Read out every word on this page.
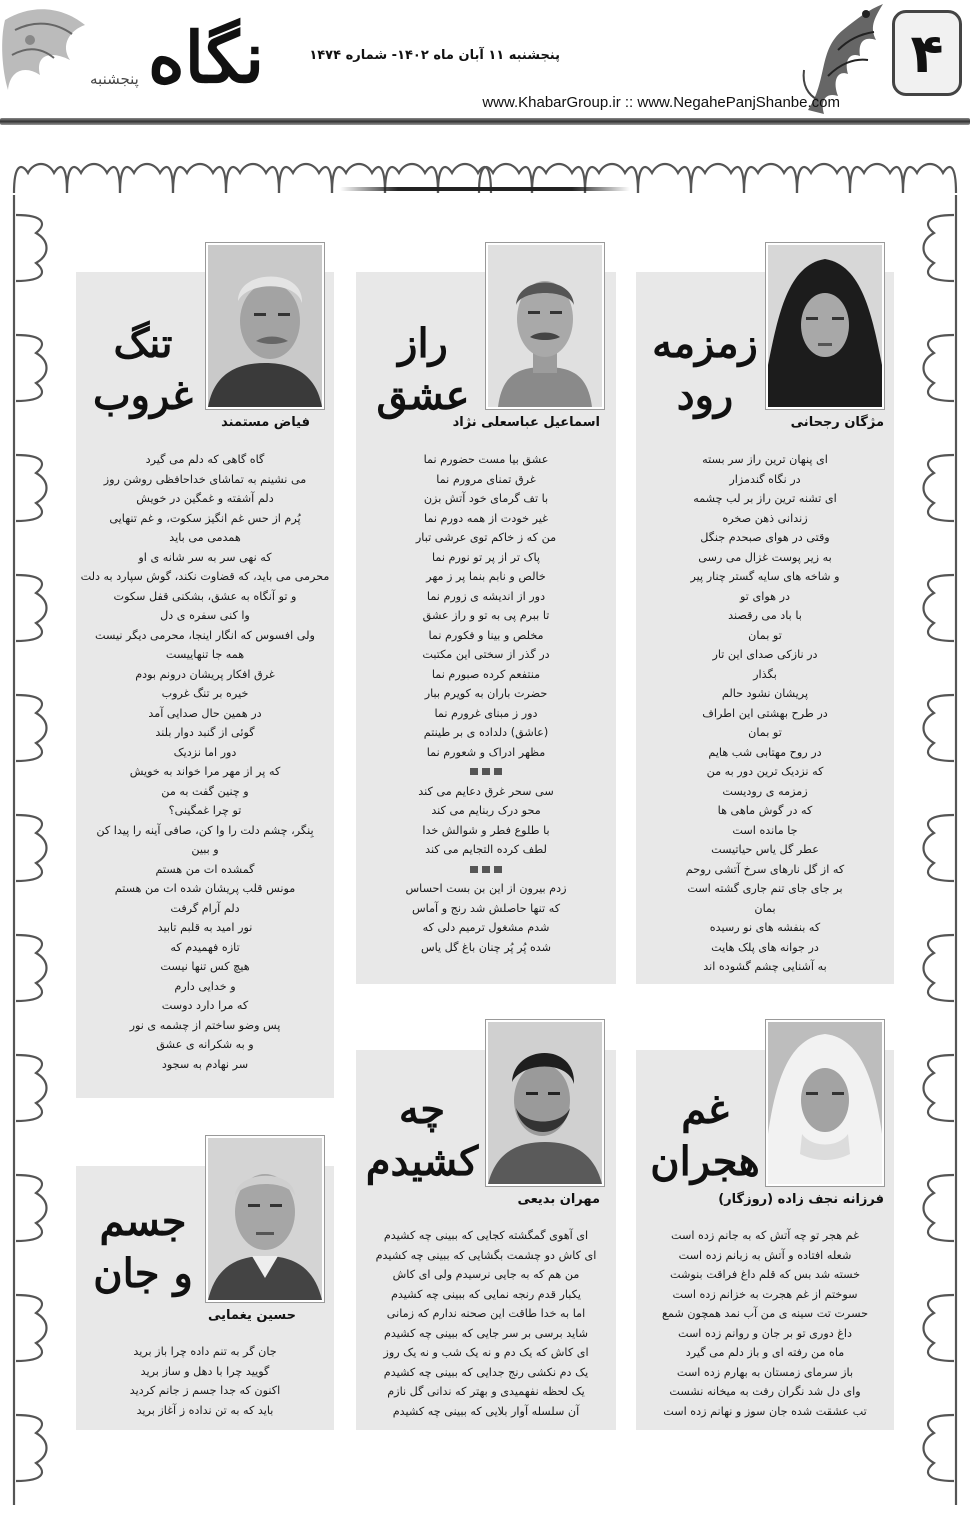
۴
نگاه
پنجشنبه
پنجشنبه ۱۱ آبان ماه ۱۴۰۲- شماره ۱۴۷۴
www.KhabarGroup.ir :: www.NegahePanjShanbe.com
زمزمه
رود
مژگان رجحانی
ای پنهان ترین راز سر بسته
در نگاه گندمزار
ای تشنه ترین راز بر لب چشمه
زندانی ذهن صخره
وقتی در هوای صبحدم جنگل
به زیر پوست غزال می رسی
و شاخه های سایه گستر چنار پیر
در هوای تو
با باد می رقصند
تو بمان
در نازکی صدای این تار
بگذار
پریشان نشود حالم
در طرح بهشتی این اطراف
تو بمان
در روح مهتابی شب هایم
که نزدیک ترین دور به من
زمزمه ی رودیست
که در گوش ماهی ها
جا مانده است
عطر گل یاس حیاتیست
که از گل نارهای سرخ آتشی روحم
بر جای جای تنم جاری گشته است
بمان
که بنفشه های نو رسیده
در جوانه های پلک هایت
به آشنایی چشم گشوده اند
راز
عشق
اسماعیل عباسعلی نژاد
عشق بیا مست حضورم نما
غرق تمنای مرورم نما
با تف گرمای خود آتش بزن
غیر خودت از همه دورم نما
من که ز خاکم توی عرشی تبار
پاک تر از پر تو نورم نما
خالص و نابم بنما پر ز مهر
دور از اندیشه ی زورم نما
تا ببرم پی به تو و راز عشق
مخلص و بینا و فکورم نما
در گذر از سختی این مکتبت
منتفعم کرده صبورم نما
حضرت باران به کویرم ببار
دور ز مبنای غرورم نما
(عاشق) دلداده ی بر طینتم
مظهر ادراک و شعورم نما
سی سحر غرق دعایم می کند
محو درک ربنایم می کند
با طلوع فطر و شوالش خدا
لطف کرده التجایم می کند
زدم بیرون از این بن بست احساس
که تنها حاصلش شد رنج و آماس
شدم مشغول ترمیم دلی که
شده پُر پُر چنان باغ گل یاس
تنگ
غروب
فیاض مستمند
گاه گاهی که دلم می گیرد
می نشینم به تماشای خداحافظی روشن روز
دلم آشفته و غمگین در خویش
پُرم از حس غم انگیز سکوت، و غم تنهایی
همدمی می باید
که نهی سر به سر شانه ی او
محرمی می باید، که قضاوت نکند، گوش سپارد به دلت
و تو آنگاه به عشق، بشکنی قفل سکوت
وا کنی سفره ی دل
ولی افسوس که انگار اینجا، محرمی دیگر نیست
همه جا تنهاییست
غرق افکار پریشان درونم بودم
خیره بر تنگ غروب
در همین حال صدایی آمد
گوئی از گنبد دوار بلند
دور اما نزدیک
که پر از مهر مرا خواند به خویش
و چنین گفت به من
تو چرا غمگینی؟
بِنگر، چشم دلت را وا کن، صافی آینه را پیدا کن
و ببین
گمشده ات من هستم
مونس قلب پریشان شده ات من هستم
دلم آرام گرفت
نور امید به قلبم تابید
تازه فهمیدم که
هیچ کس تنها نیست
و خدایی دارم
که مرا دارد دوست
پس وضو ساختم از چشمه ی نور
و به شکرانه ی عشق
سر نهادم به سجود
غم
هجران
فرزانه نجف زاده (روزگار)
غم هجر تو چه آتش که به جانم زده است
شعله افتاده و آتش به زبانم زده است
خسته شد بس که قلم داغ فراقت بنوشت
سوختم از غم هجرت به خزانم زده است
حسرت تت سینه ی من آب نمد همچون شمع
داغ دوری تو بر جان و روانم زده است
ماه من رفته ای و باز دلم می گیرد
باز سرمای زمستان به بهارم زده است
وای دل شد نگران رفت به میخانه نشست
تب عشقت شده جان سوز و نهانم زده است
چه
کشیدم
مهران بدیعی
ای آهوی گمگشته کجایی که ببینی چه کشیدم
ای کاش دو چشمت بگشایی که ببینی چه کشیدم
من هم که به جایی نرسیدم ولی ای کاش
یکبار قدم رنجه نمایی که ببینی چه کشیدم
اما به خدا طاقت این صحنه ندارم که زمانی
شاید برسی بر سر جایی که ببینی چه کشیدم
ای کاش که یک دم و نه یک شب و نه یک روز
یک دم نکشی رنج جدایی که ببینی چه کشیدم
یک لحظه نفهمیدی و بهتر که ندانی گل نازم
آن سلسله آوار بلایی که ببینی چه کشیدم
جسم
و جان
حسین یغمایی
جان گر به تنم داده چرا باز برید
گویید چرا با دهل و ساز برید
اکنون که جدا جسم ز جانم کردید
باید که به تن نداده ز آغاز برید
